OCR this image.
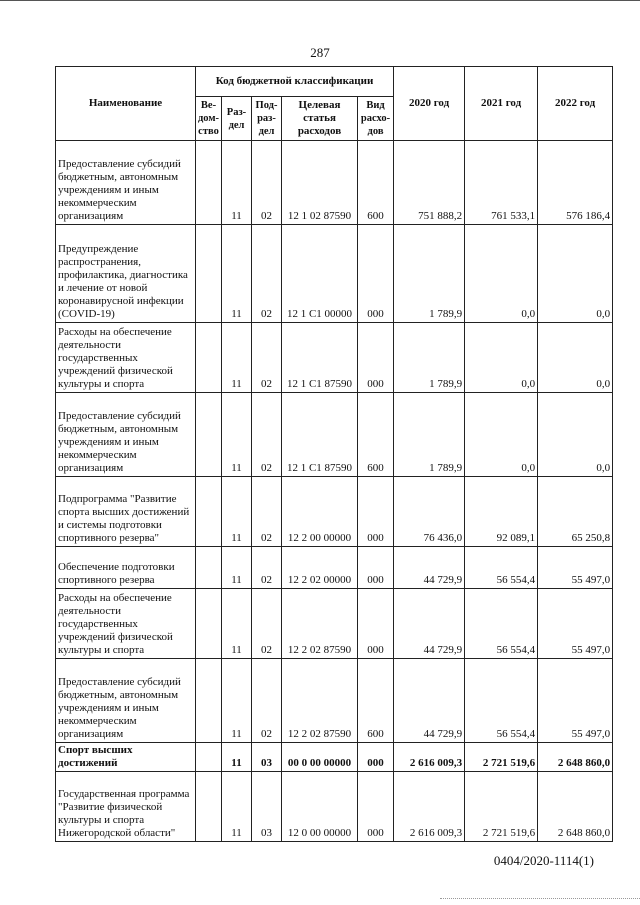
287
Наименование	Код бюджетной классификации					2020 год	2021 год	2022 год
	Ве-дом-ство	Раз-дел	Под-раз-дел	Целевая статья расходов	Вид расхо-дов			
Предоставление субсидий бюджетным, автономным учреждениям и иным некоммерческим организациям		11	02	12 1 02 87590	600	751 888,2	761 533,1	576 186,4
Предупреждение распространения, профилактика, диагностика и лечение от новой коронавирусной инфекции (COVID-19)		11	02	12 1 C1 00000	000	1 789,9	0,0	0,0
Расходы на обеспечение деятельности государственных учреждений физической культуры и спорта		11	02	12 1 C1 87590	000	1 789,9	0,0	0,0
Предоставление субсидий бюджетным, автономным учреждениям и иным некоммерческим организациям		11	02	12 1 C1 87590	600	1 789,9	0,0	0,0
Подпрограмма "Развитие спорта высших достижений и системы подготовки спортивного резерва"		11	02	12 2 00 00000	000	76 436,0	92 089,1	65 250,8
Обеспечение подготовки спортивного резерва		11	02	12 2 02 00000	000	44 729,9	56 554,4	55 497,0
Расходы на обеспечение деятельности государственных учреждений физической культуры и спорта		11	02	12 2 02 87590	000	44 729,9	56 554,4	55 497,0
Предоставление субсидий бюджетным, автономным учреждениям и иным некоммерческим организациям		11	02	12 2 02 87590	600	44 729,9	56 554,4	55 497,0
Спорт высших достижений		11	03	00 0 00 00000	000	2 616 009,3	2 721 519,6	2 648 860,0
Государственная программа "Развитие физической культуры и спорта Нижегородской области"		11	03	12 0 00 00000	000	2 616 009,3	2 721 519,6	2 648 860,0
0404/2020-1114(1)
